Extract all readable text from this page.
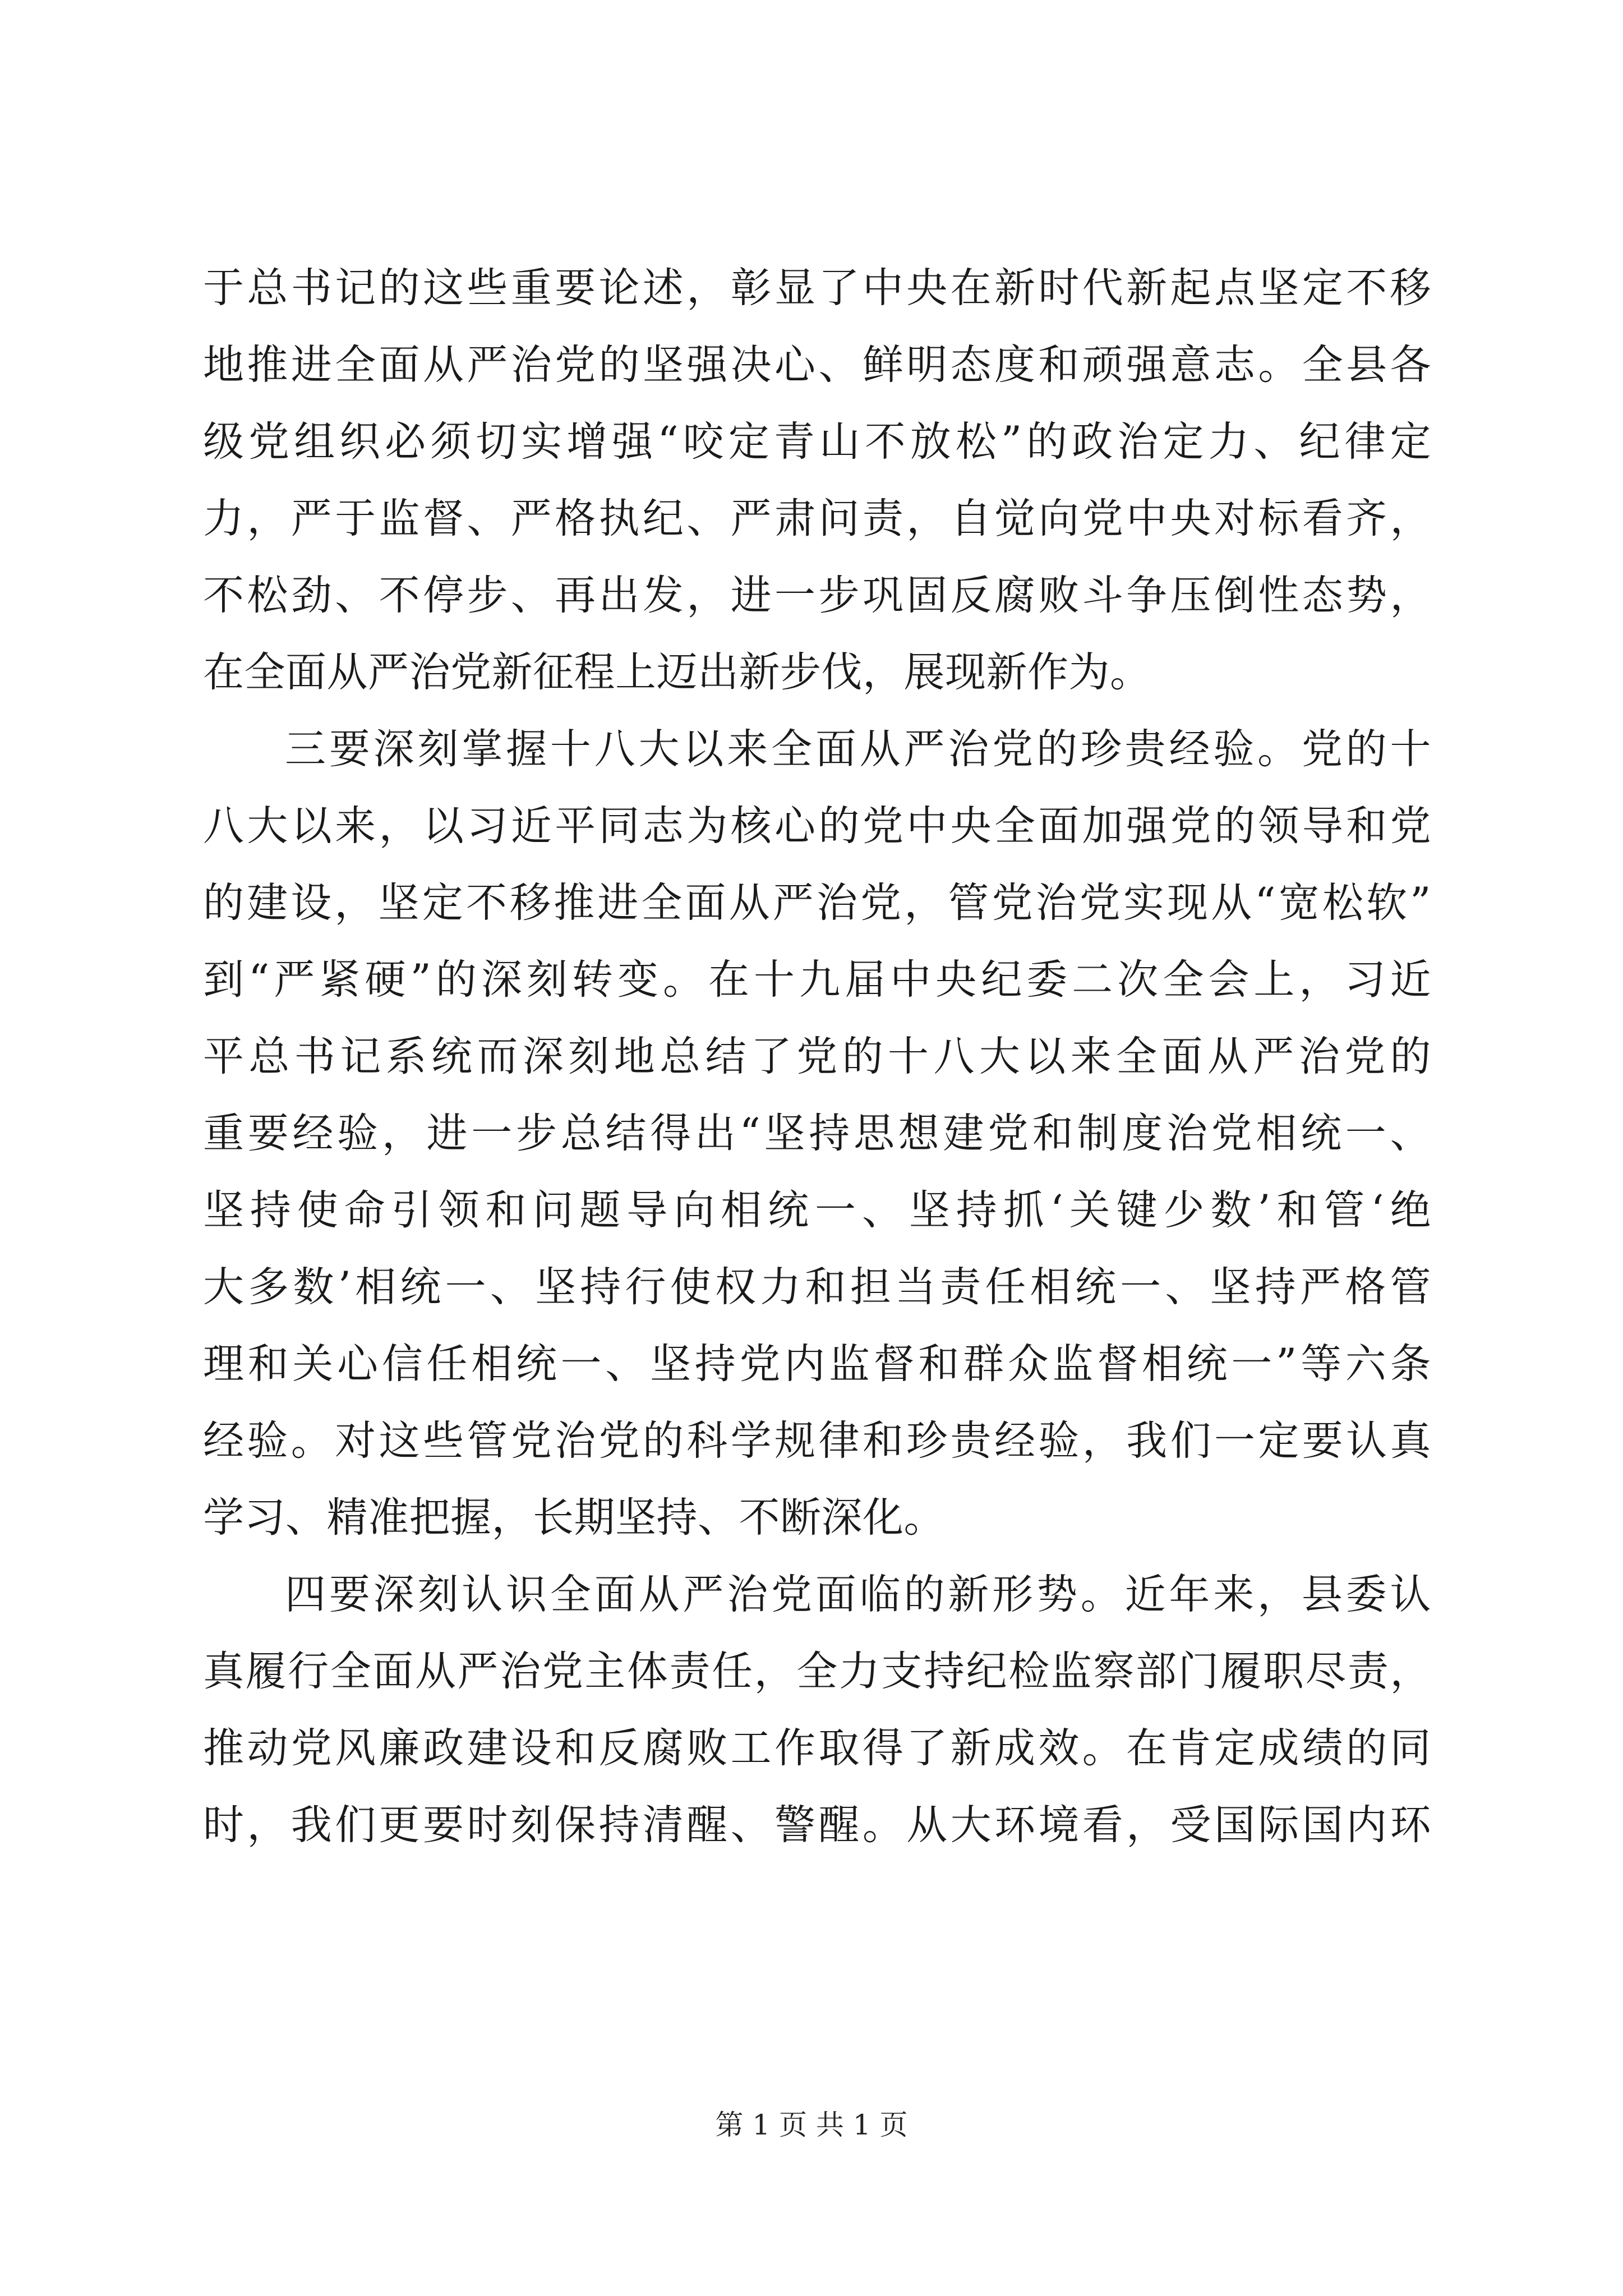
于总书记的这些重要论述，彰显了中央在新时代新起点坚定不移
地推进全面从严治党的坚强决心、鲜明态度和顽强意志。全县各
级党组织必须切实增强“咬定青山不放松”的政治定力、纪律定
力，严于监督、严格执纪、严肃问责，自觉向党中央对标看齐，
不松劲、不停步、再出发，进一步巩固反腐败斗争压倒性态势，
在全面从严治党新征程上迈出新步伐，展现新作为。
三要深刻掌握十八大以来全面从严治党的珍贵经验。党的十
八大以来，以习近平同志为核心的党中央全面加强党的领导和党
的建设，坚定不移推进全面从严治党，管党治党实现从“宽松软”
到“严紧硬”的深刻转变。在十九届中央纪委二次全会上，习近
平总书记系统而深刻地总结了党的十八大以来全面从严治党的
重要经验，进一步总结得出“坚持思想建党和制度治党相统一、
坚持使命引领和问题导向相统一、坚持抓‘关键少数’和管‘绝
大多数’相统一、坚持行使权力和担当责任相统一、坚持严格管
理和关心信任相统一、坚持党内监督和群众监督相统一”等六条
经验。对这些管党治党的科学规律和珍贵经验，我们一定要认真
学习、精准把握，长期坚持、不断深化。
四要深刻认识全面从严治党面临的新形势。近年来，县委认
真履行全面从严治党主体责任，全力支持纪检监察部门履职尽责，
推动党风廉政建设和反腐败工作取得了新成效。在肯定成绩的同
时，我们更要时刻保持清醒、警醒。从大环境看，受国际国内环
第 1 页 共 1 页
